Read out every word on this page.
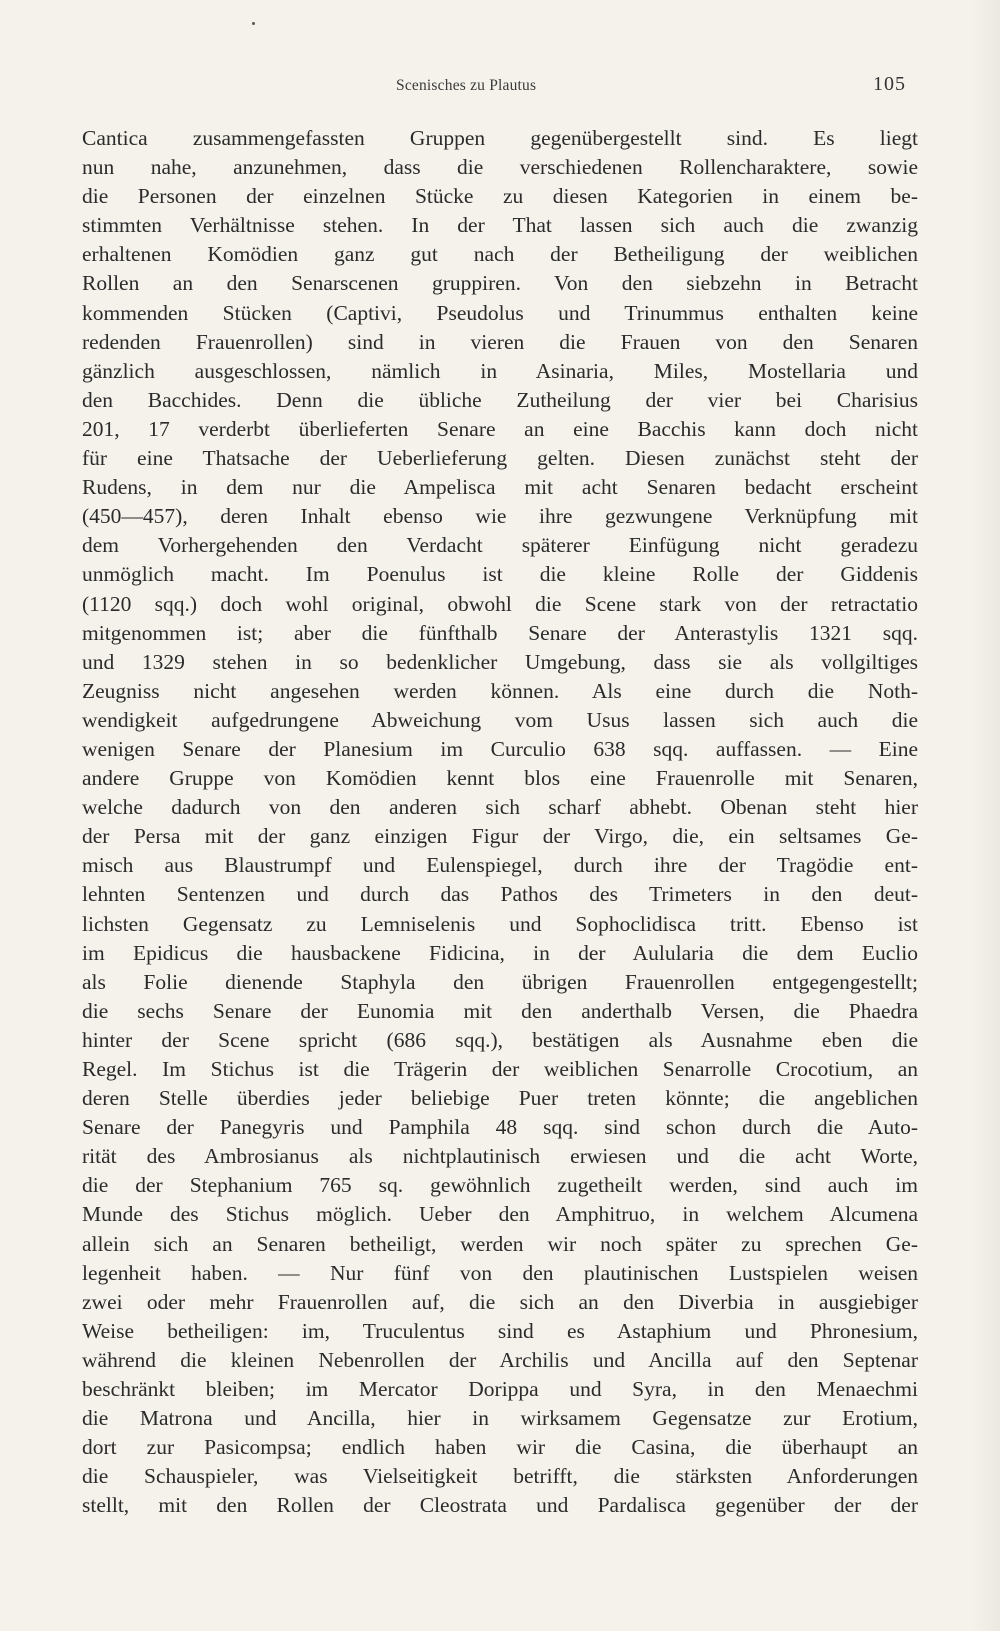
Scenisches zu Plautus	105
Cantica zusammengefassten Gruppen gegenübergestellt sind. Es liegt
nun nahe, anzunehmen, dass die verschiedenen Rollencharaktere, sowie
die Personen der einzelnen Stücke zu diesen Kategorien in einem be-
stimmten Verhältnisse stehen. In der That lassen sich auch die zwanzig
erhaltenen Komödien ganz gut nach der Betheiligung der weiblichen
Rollen an den Senarscenen gruppiren. Von den siebzehn in Betracht
kommenden Stücken (Captivi, Pseudolus und Trinummus enthalten keine
redenden Frauenrollen) sind in vieren die Frauen von den Senaren
gänzlich ausgeschlossen, nämlich in Asinaria, Miles, Mostellaria und
den Bacchides. Denn die übliche Zutheilung der vier bei Charisius
201, 17 verderbt überlieferten Senare an eine Bacchis kann doch nicht
für eine Thatsache der Ueberlieferung gelten. Diesen zunächst steht der
Rudens, in dem nur die Ampelisca mit acht Senaren bedacht erscheint
(450—457), deren Inhalt ebenso wie ihre gezwungene Verknüpfung mit
dem Vorhergehenden den Verdacht späterer Einfügung nicht geradezu
unmöglich macht. Im Poenulus ist die kleine Rolle der Giddenis
(1120 sqq.) doch wohl original, obwohl die Scene stark von der retractatio
mitgenommen ist; aber die fünfthalb Senare der Anterastylis 1321 sqq.
und 1329 stehen in so bedenklicher Umgebung, dass sie als vollgiltiges
Zeugniss nicht angesehen werden können. Als eine durch die Noth-
wendigkeit aufgedrungene Abweichung vom Usus lassen sich auch die
wenigen Senare der Planesium im Curculio 638 sqq. auffassen. — Eine
andere Gruppe von Komödien kennt blos eine Frauenrolle mit Senaren,
welche dadurch von den anderen sich scharf abhebt. Obenan steht hier
der Persa mit der ganz einzigen Figur der Virgo, die, ein seltsames Ge-
misch aus Blaustrumpf und Eulenspiegel, durch ihre der Tragödie ent-
lehnten Sentenzen und durch das Pathos des Trimeters in den deut-
lichsten Gegensatz zu Lemniselenis und Sophoclidisca tritt. Ebenso ist
im Epidicus die hausbackene Fidicina, in der Aulularia die dem Euclio
als Folie dienende Staphyla den übrigen Frauenrollen entgegengestellt;
die sechs Senare der Eunomia mit den anderthalb Versen, die Phaedra
hinter der Scene spricht (686 sqq.), bestätigen als Ausnahme eben die
Regel. Im Stichus ist die Trägerin der weiblichen Senarrolle Crocotium, an
deren Stelle überdies jeder beliebige Puer treten könnte; die angeblichen
Senare der Panegyris und Pamphila 48 sqq. sind schon durch die Auto-
rität des Ambrosianus als nichtplautinisch erwiesen und die acht Worte,
die der Stephanium 765 sq. gewöhnlich zugetheilt werden, sind auch im
Munde des Stichus möglich. Ueber den Amphitruo, in welchem Alcumena
allein sich an Senaren betheiligt, werden wir noch später zu sprechen Ge-
legenheit haben. — Nur fünf von den plautinischen Lustspielen weisen
zwei oder mehr Frauenrollen auf, die sich an den Diverbia in ausgiebiger
Weise betheiligen: im, Truculentus sind es Astaphium und Phronesium,
während die kleinen Nebenrollen der Archilis und Ancilla auf den Septenar
beschränkt bleiben; im Mercator Dorippa und Syra, in den Menaechmi
die Matrona und Ancilla, hier in wirksamem Gegensatze zur Erotium,
dort zur Pasicompsa; endlich haben wir die Casina, die überhaupt an
die Schauspieler, was Vielseitigkeit betrifft, die stärksten Anforderungen
stellt, mit den Rollen der Cleostrata und Pardalisca gegenüber der der
